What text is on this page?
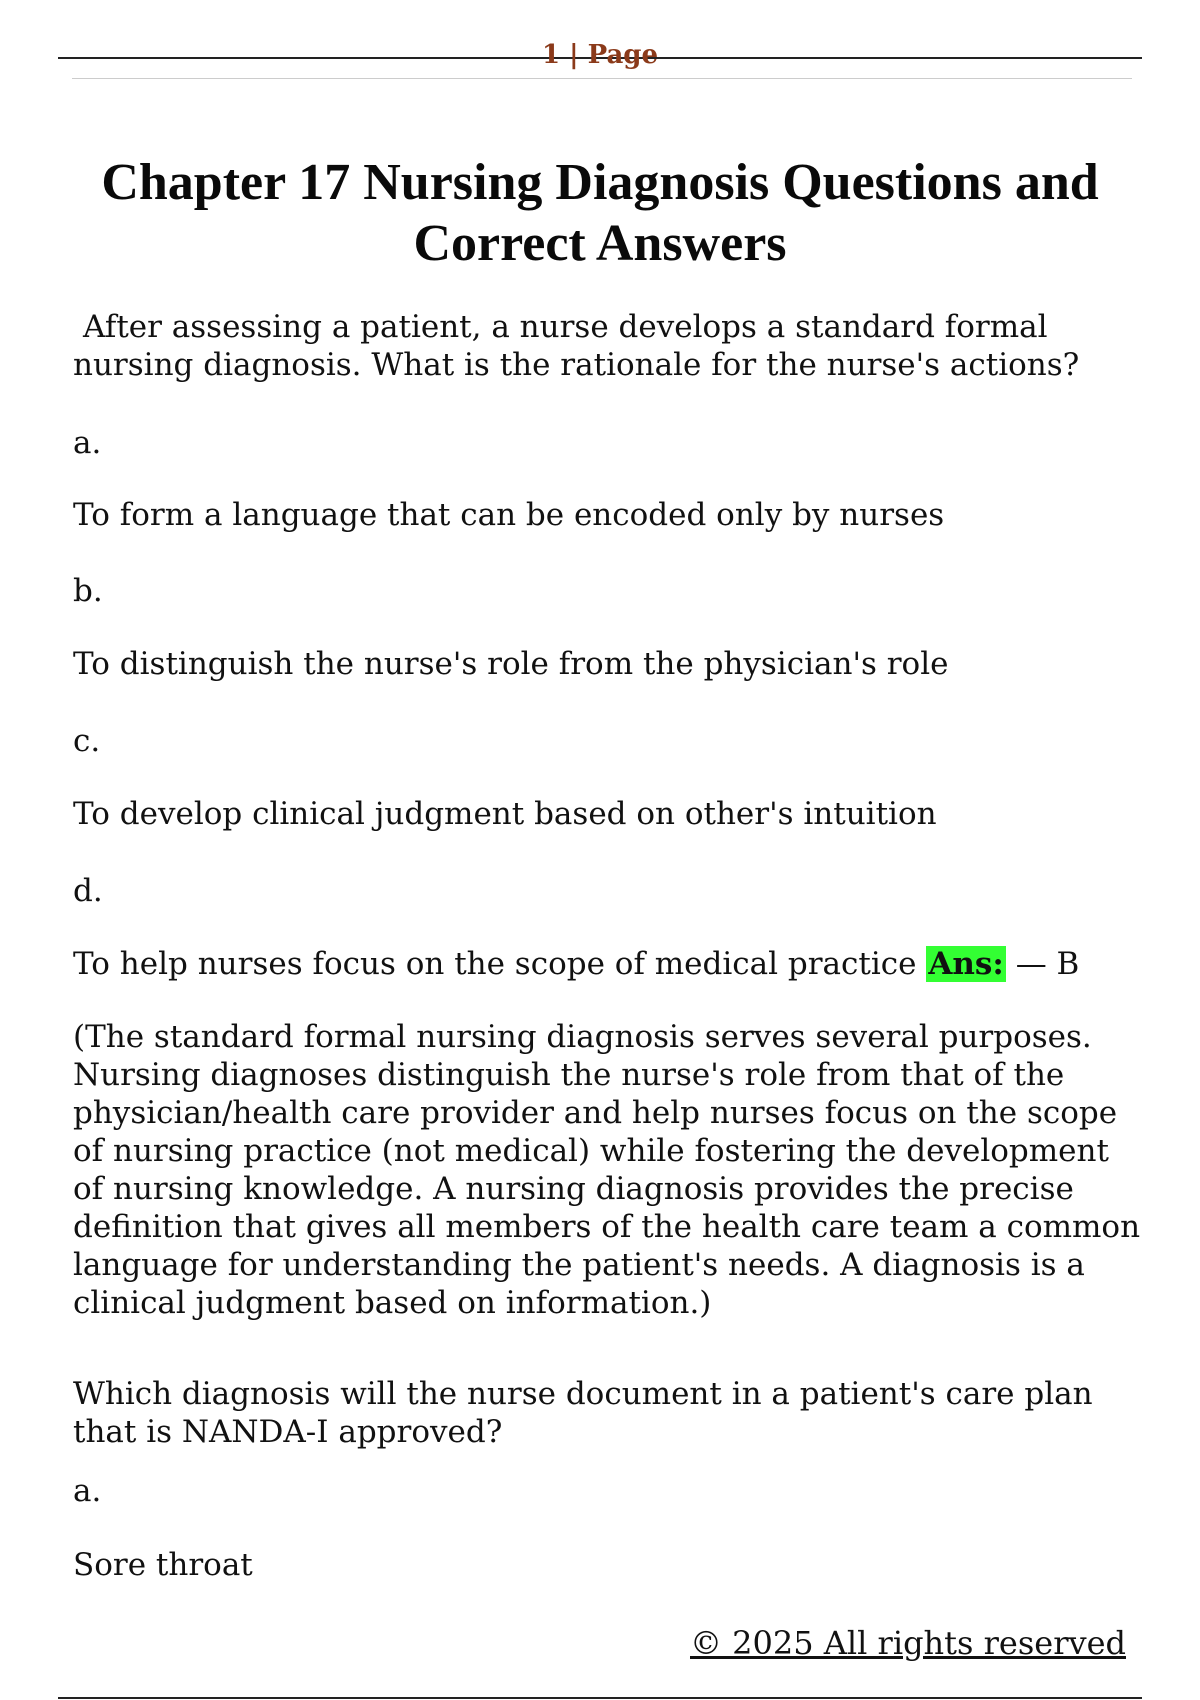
1 | Page
Chapter 17 Nursing Diagnosis Questions and Correct Answers

After assessing a patient, a nurse develops a standard formal nursing diagnosis. What is the rationale for the nurse's actions?

a.

To form a language that can be encoded only by nurses

b.

To distinguish the nurse's role from the physician's role

c.

To develop clinical judgment based on other's intuition

d.

To help nurses focus on the scope of medical practice Ans: — B

(The standard formal nursing diagnosis serves several purposes. Nursing diagnoses distinguish the nurse's role from that of the physician/health care provider and help nurses focus on the scope of nursing practice (not medical) while fostering the development of nursing knowledge. A nursing diagnosis provides the precise definition that gives all members of the health care team a common language for understanding the patient's needs. A diagnosis is a clinical judgment based on information.)

Which diagnosis will the nurse document in a patient's care plan that is NANDA-I approved?

a.

Sore throat

© 2025 All rights reserved
